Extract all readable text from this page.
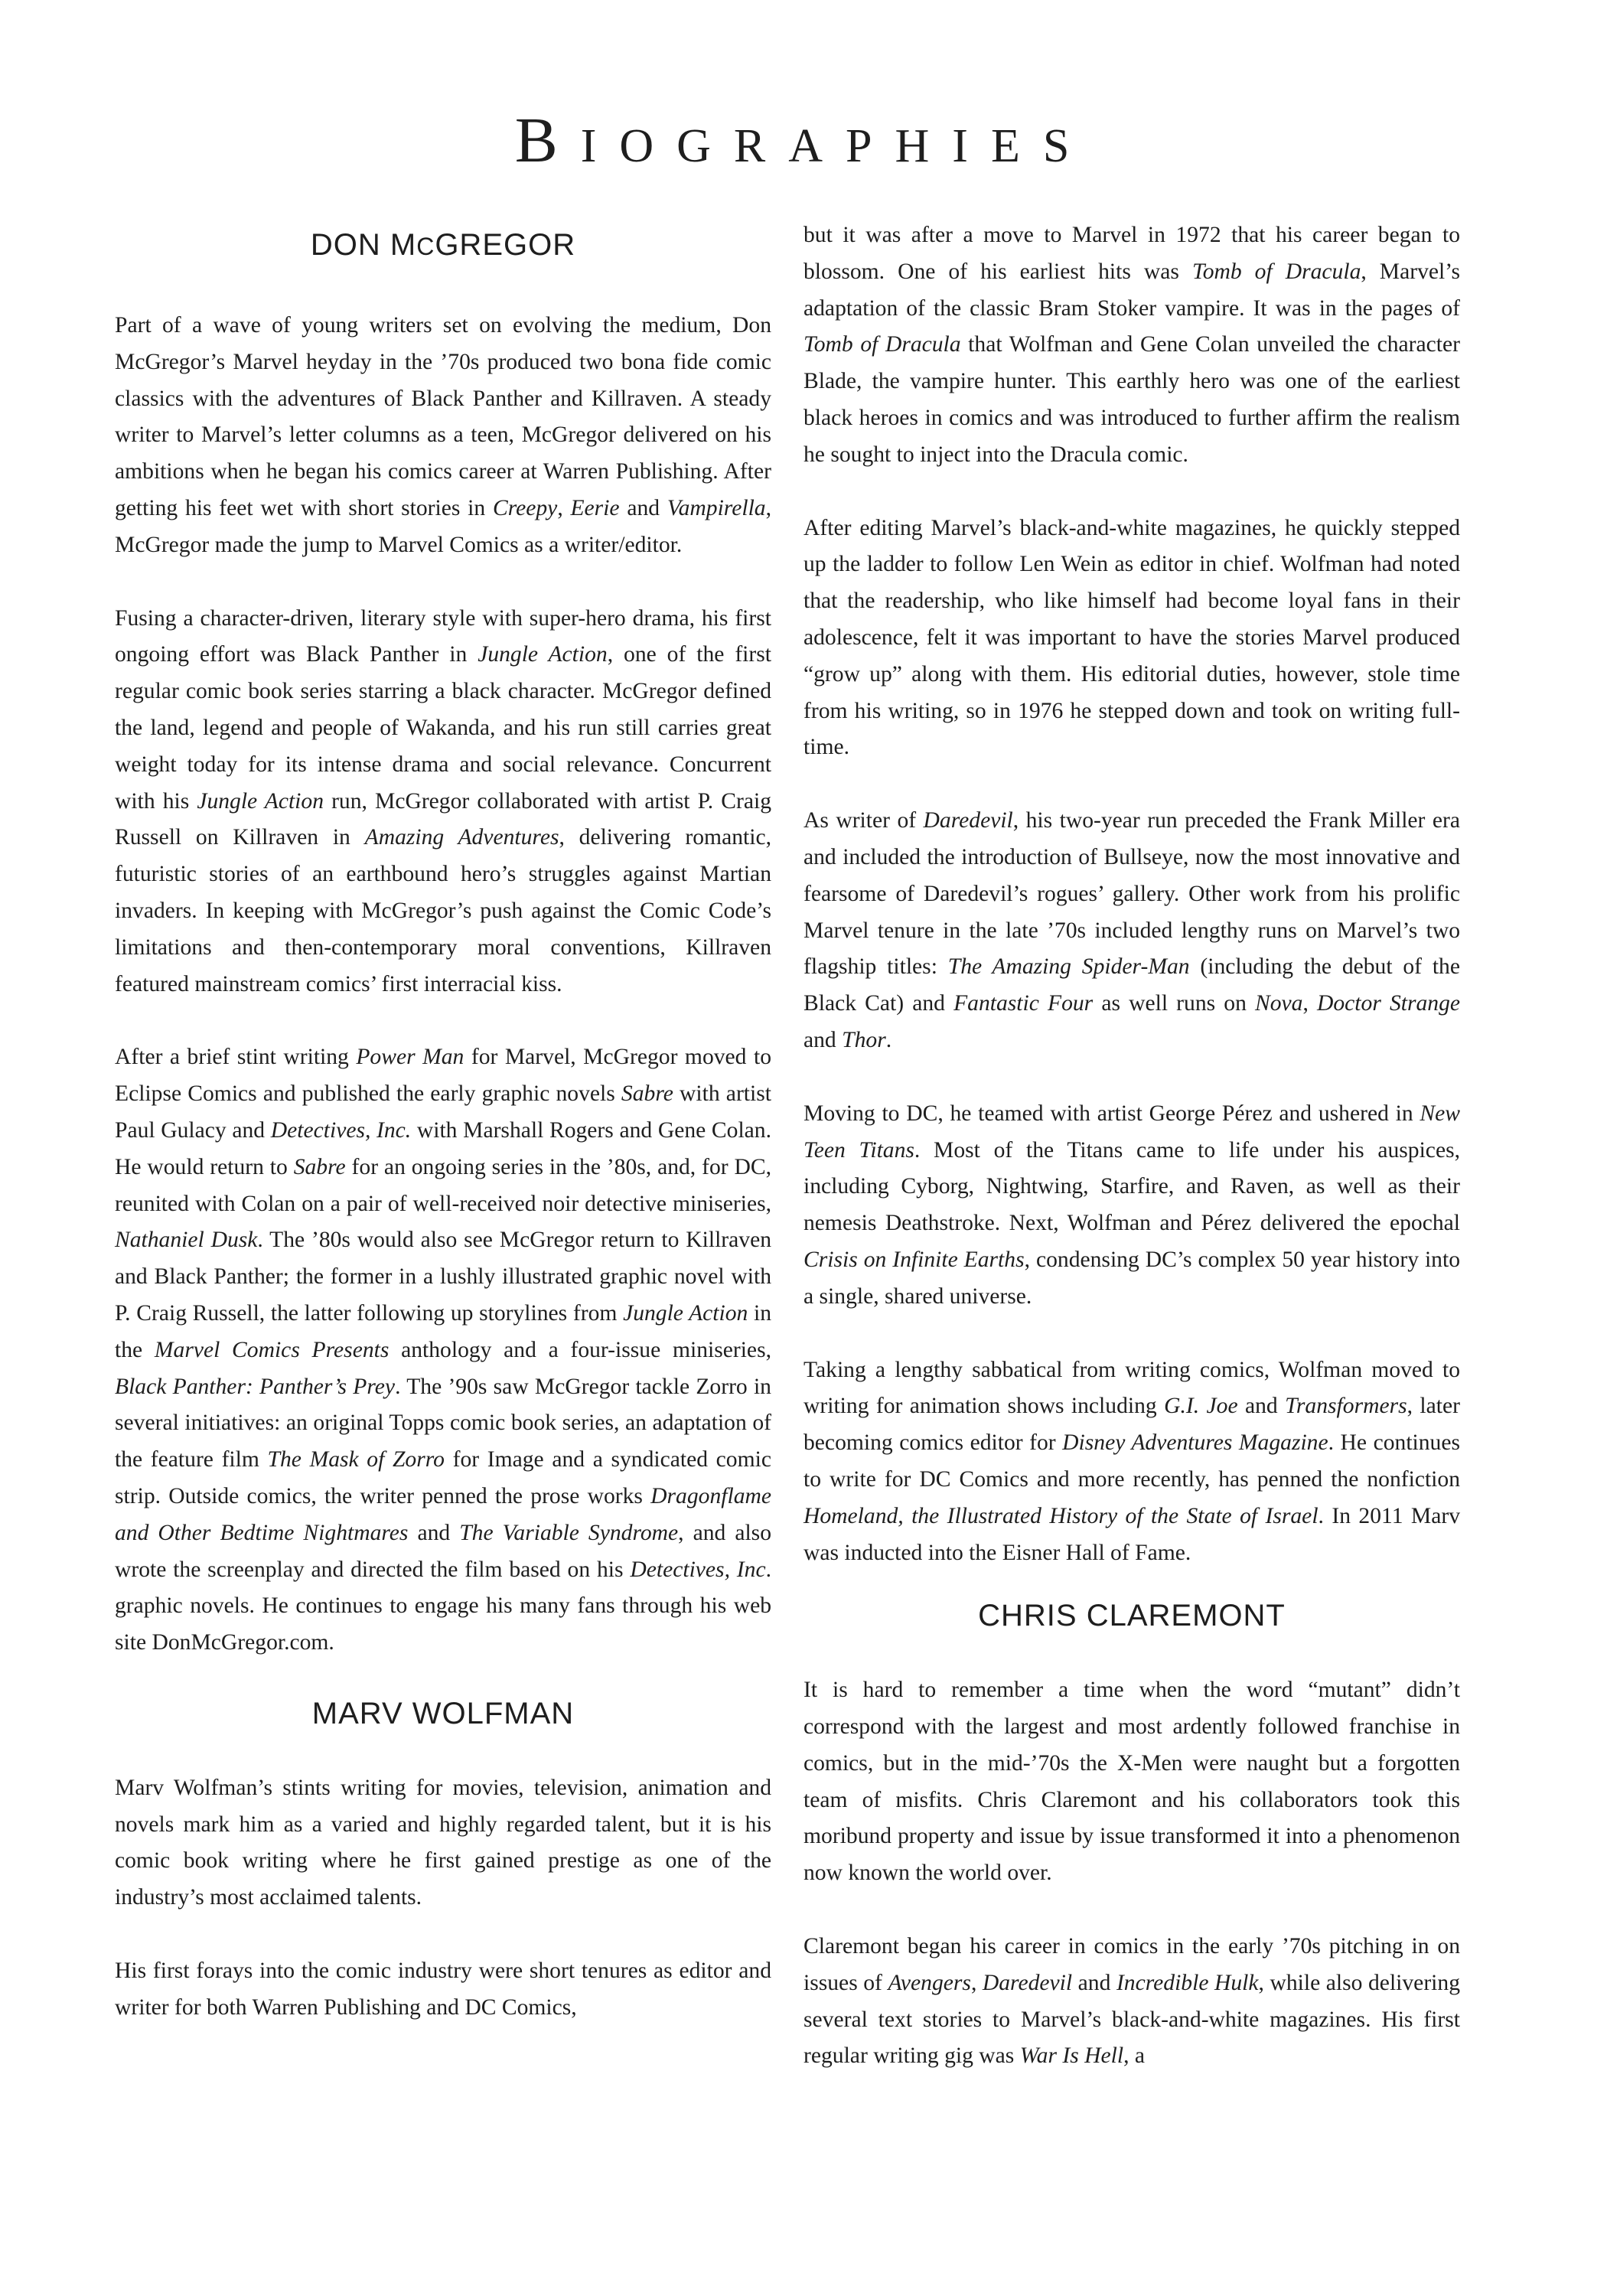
BIOGRAPHIES
DON MCGREGOR

Part of a wave of young writers set on evolving the medium, Don McGregor’s Marvel heyday in the ’70s produced two bona fide comic classics with the adventures of Black Panther and Killraven. A steady writer to Marvel’s letter columns as a teen, McGregor delivered on his ambitions when he began his comics career at Warren Publishing. After getting his feet wet with short stories in Creepy, Eerie and Vampirella, McGregor made the jump to Marvel Comics as a writer/editor.

Fusing a character-driven, literary style with super-hero drama, his first ongoing effort was Black Panther in Jungle Action, one of the first regular comic book series starring a black character. McGregor defined the land, legend and people of Wakanda, and his run still carries great weight today for its intense drama and social relevance. Concurrent with his Jungle Action run, McGregor collaborated with artist P. Craig Russell on Killraven in Amazing Adventures, delivering romantic, futuristic stories of an earthbound hero’s struggles against Martian invaders. In keeping with McGregor’s push against the Comic Code’s limitations and then-contemporary moral conventions, Killraven featured mainstream comics’ first interracial kiss.

After a brief stint writing Power Man for Marvel, McGregor moved to Eclipse Comics and published the early graphic novels Sabre with artist Paul Gulacy and Detectives, Inc. with Marshall Rogers and Gene Colan. He would return to Sabre for an ongoing series in the ’80s, and, for DC, reunited with Colan on a pair of well-received noir detective miniseries, Nathaniel Dusk. The ’80s would also see McGregor return to Killraven and Black Panther; the former in a lushly illustrated graphic novel with P. Craig Russell, the latter following up storylines from Jungle Action in the Marvel Comics Presents anthology and a four-issue miniseries, Black Panther: Panther’s Prey. The ’90s saw McGregor tackle Zorro in several initiatives: an original Topps comic book series, an adaptation of the feature film The Mask of Zorro for Image and a syndicated comic strip. Outside comics, the writer penned the prose works Dragonflame and Other Bedtime Nightmares and The Variable Syndrome, and also wrote the screenplay and directed the film based on his Detectives, Inc. graphic novels. He continues to engage his many fans through his web site DonMcGregor.com.

MARV WOLFMAN

Marv Wolfman’s stints writing for movies, television, animation and novels mark him as a varied and highly regarded talent, but it is his comic book writing where he first gained prestige as one of the industry’s most acclaimed talents.

His first forays into the comic industry were short tenures as editor and writer for both Warren Publishing and DC Comics,

but it was after a move to Marvel in 1972 that his career began to blossom. One of his earliest hits was Tomb of Dracula, Marvel’s adaptation of the classic Bram Stoker vampire. It was in the pages of Tomb of Dracula that Wolfman and Gene Colan unveiled the character Blade, the vampire hunter. This earthly hero was one of the earliest black heroes in comics and was introduced to further affirm the realism he sought to inject into the Dracula comic.

After editing Marvel’s black-and-white magazines, he quickly stepped up the ladder to follow Len Wein as editor in chief. Wolfman had noted that the readership, who like himself had become loyal fans in their adolescence, felt it was important to have the stories Marvel produced “grow up” along with them. His editorial duties, however, stole time from his writing, so in 1976 he stepped down and took on writing full-time.

As writer of Daredevil, his two-year run preceded the Frank Miller era and included the introduction of Bullseye, now the most innovative and fearsome of Daredevil’s rogues’ gallery. Other work from his prolific Marvel tenure in the late ’70s included lengthy runs on Marvel’s two flagship titles: The Amazing Spider-Man (including the debut of the Black Cat) and Fantastic Four as well runs on Nova, Doctor Strange and Thor.

Moving to DC, he teamed with artist George Pérez and ushered in New Teen Titans. Most of the Titans came to life under his auspices, including Cyborg, Nightwing, Starfire, and Raven, as well as their nemesis Deathstroke. Next, Wolfman and Pérez delivered the epochal Crisis on Infinite Earths, condensing DC’s complex 50 year history into a single, shared universe.

Taking a lengthy sabbatical from writing comics, Wolfman moved to writing for animation shows including G.I. Joe and Transformers, later becoming comics editor for Disney Adventures Magazine. He continues to write for DC Comics and more recently, has penned the nonfiction Homeland, the Illustrated History of the State of Israel. In 2011 Marv was inducted into the Eisner Hall of Fame.

CHRIS CLAREMONT

It is hard to remember a time when the word “mutant” didn’t correspond with the largest and most ardently followed franchise in comics, but in the mid-’70s the X-Men were naught but a forgotten team of misfits. Chris Claremont and his collaborators took this moribund property and issue by issue transformed it into a phenomenon now known the world over.

Claremont began his career in comics in the early ’70s pitching in on issues of Avengers, Daredevil and Incredible Hulk, while also delivering several text stories to Marvel’s black-and-white magazines. His first regular writing gig was War Is Hell, a
